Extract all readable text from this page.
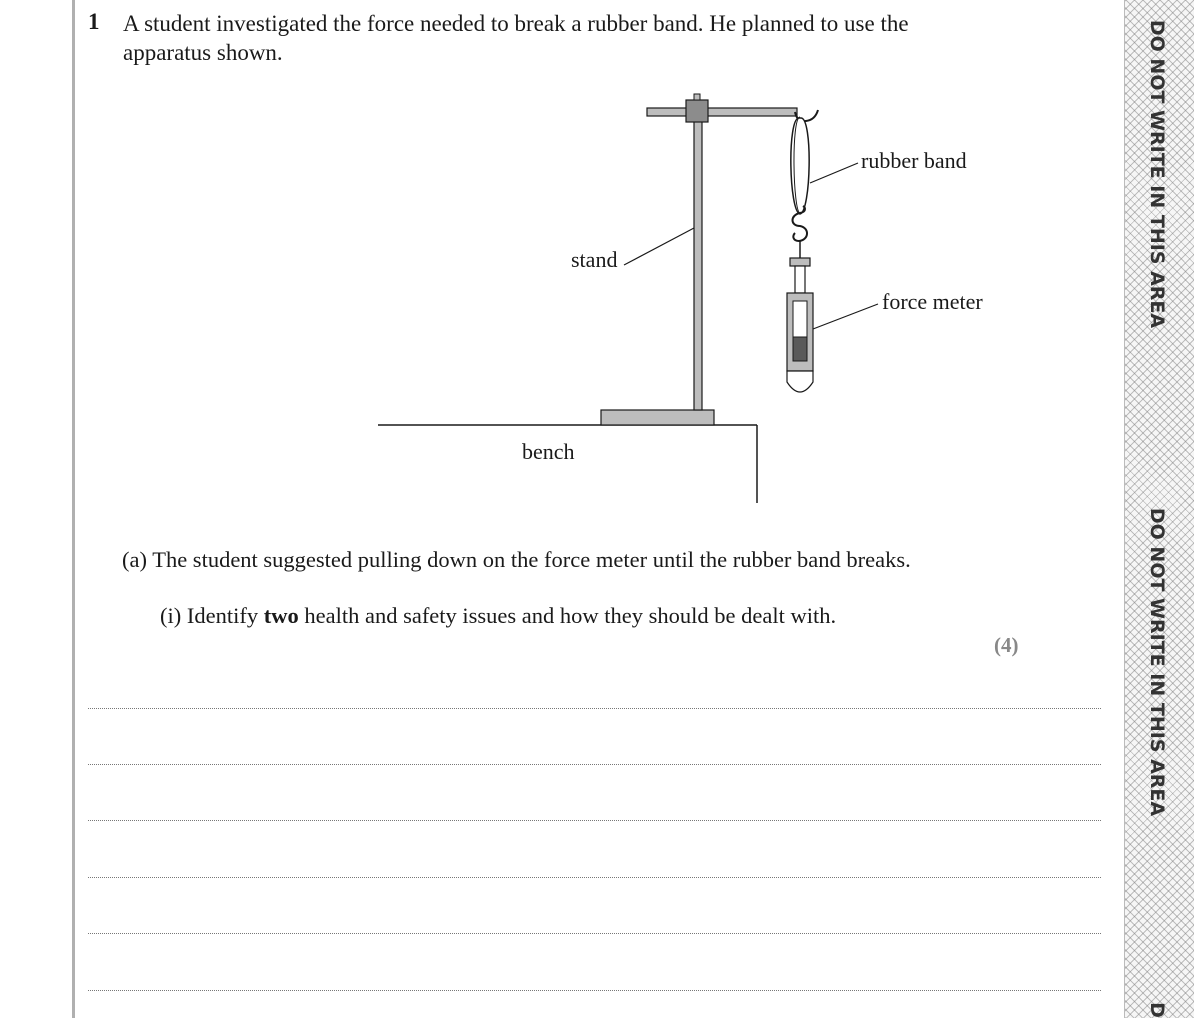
DO NOT WRITE IN THIS AREA
DO NOT WRITE IN THIS AREA
D
1 A student investigated the force needed to break a rubber band. He planned to use the
apparatus shown.
rubber band
stand
force meter
bench

(a) The student suggested pulling down on the force meter until the rubber band breaks.

(i) Identify two health and safety issues and how they should be dealt with.

(4)
